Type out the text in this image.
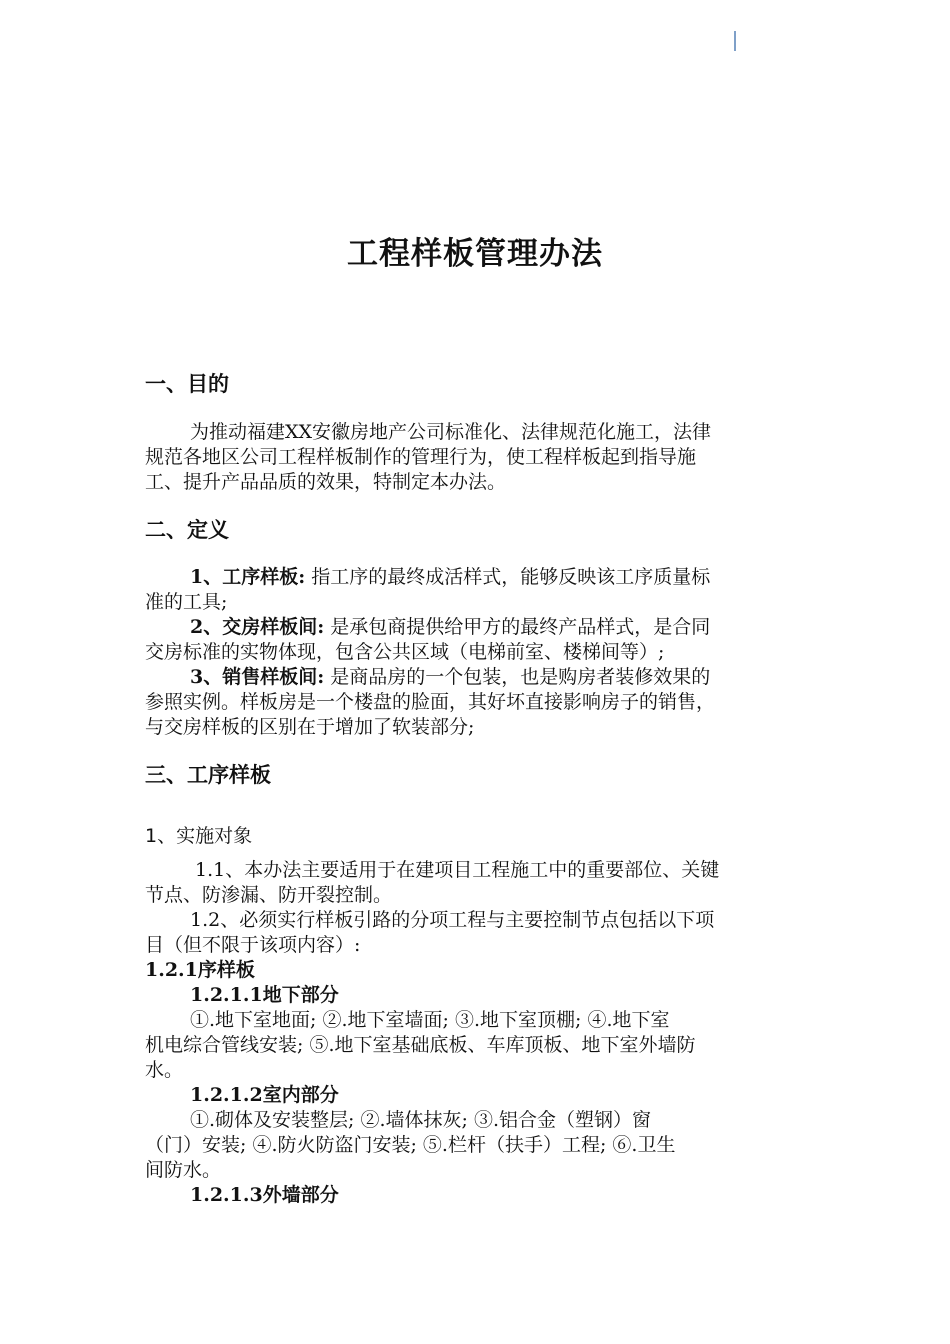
工程样板管理办法
一、目的
为推动福建XX安徽房地产公司标准化、法律规范化施工，法律
规范各地区公司工程样板制作的管理行为，使工程样板起到指导施
工、提升产品品质的效果，特制定本办法。
二、定义
1、工序样板: 指工序的最终成活样式，能够反映该工序质量标
准的工具;
2、交房样板间: 是承包商提供给甲方的最终产品样式，是合同
交房标准的实物体现，包含公共区域（电梯前室、楼梯间等）;
3、销售样板间: 是商品房的一个包装，也是购房者装修效果的
参照实例。样板房是一个楼盘的脸面，其好坏直接影响房子的销售，
与交房样板的区别在于增加了软装部分;
三、工序样板
1、实施对象
1.1、本办法主要适用于在建项目工程施工中的重要部位、关键
节点、防渗漏、防开裂控制。
1.2、必须实行样板引路的分项工程与主要控制节点包括以下项
目（但不限于该项内容）:
1.2.1序样板
1.2.1.1地下部分
①.地下室地面; ②.地下室墙面; ③.地下室顶棚; ④.地下室
机电综合管线安装; ⑤.地下室基础底板、车库顶板、地下室外墙防
水。
1.2.1.2室内部分
①.砌体及安装整层; ②.墙体抹灰; ③.铝合金（塑钢）窗
（门）安装; ④.防火防盗门安装; ⑤.栏杆（扶手）工程; ⑥.卫生
间防水。
1.2.1.3外墙部分
